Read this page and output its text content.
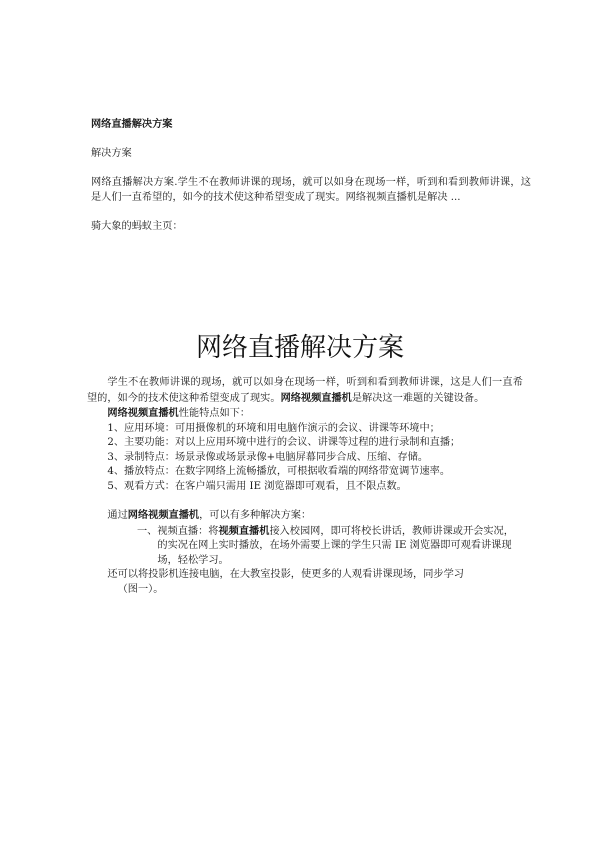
网络直播解决方案

解决方案

网络直播解决方案.学生不在教师讲课的现场，就可以如身在现场一样，听到和看到教师讲课，这是人们一直希望的，如今的技术使这种希望变成了现实。网络视频直播机是解决 ...

骑大象的蚂蚁主页：

网络直播解决方案

学生不在教师讲课的现场，就可以如身在现场一样，听到和看到教师讲课，这是人们一直希望的，如今的技术使这种希望变成了现实。网络视频直播机是解决这一难题的关键设备。

网络视频直播机性能特点如下：

1、应用环境：可用摄像机的环境和用电脑作演示的会议、讲课等环境中；
2、主要功能：对以上应用环境中进行的会议、讲课等过程的进行录制和直播；
3、录制特点：场景录像或场景录像+电脑屏幕同步合成、压缩、存储。
4、播放特点：在数字网络上流畅播放，可根据收看端的网络带宽调节速率。
5、观看方式：在客户端只需用 IE 浏览器即可观看，且不限点数。

通过网络视频直播机，可以有多种解决方案：

一、视频直播：将视频直播机接入校园网，即可将校长讲话，教师讲课或开会实况，的实况在网上实时播放，在场外需要上课的学生只需 IE 浏览器即可观看讲课现场，轻松学习。

还可以将投影机连接电脑，在大教室投影，使更多的人观看讲课现场，同步学习

（图一）。
